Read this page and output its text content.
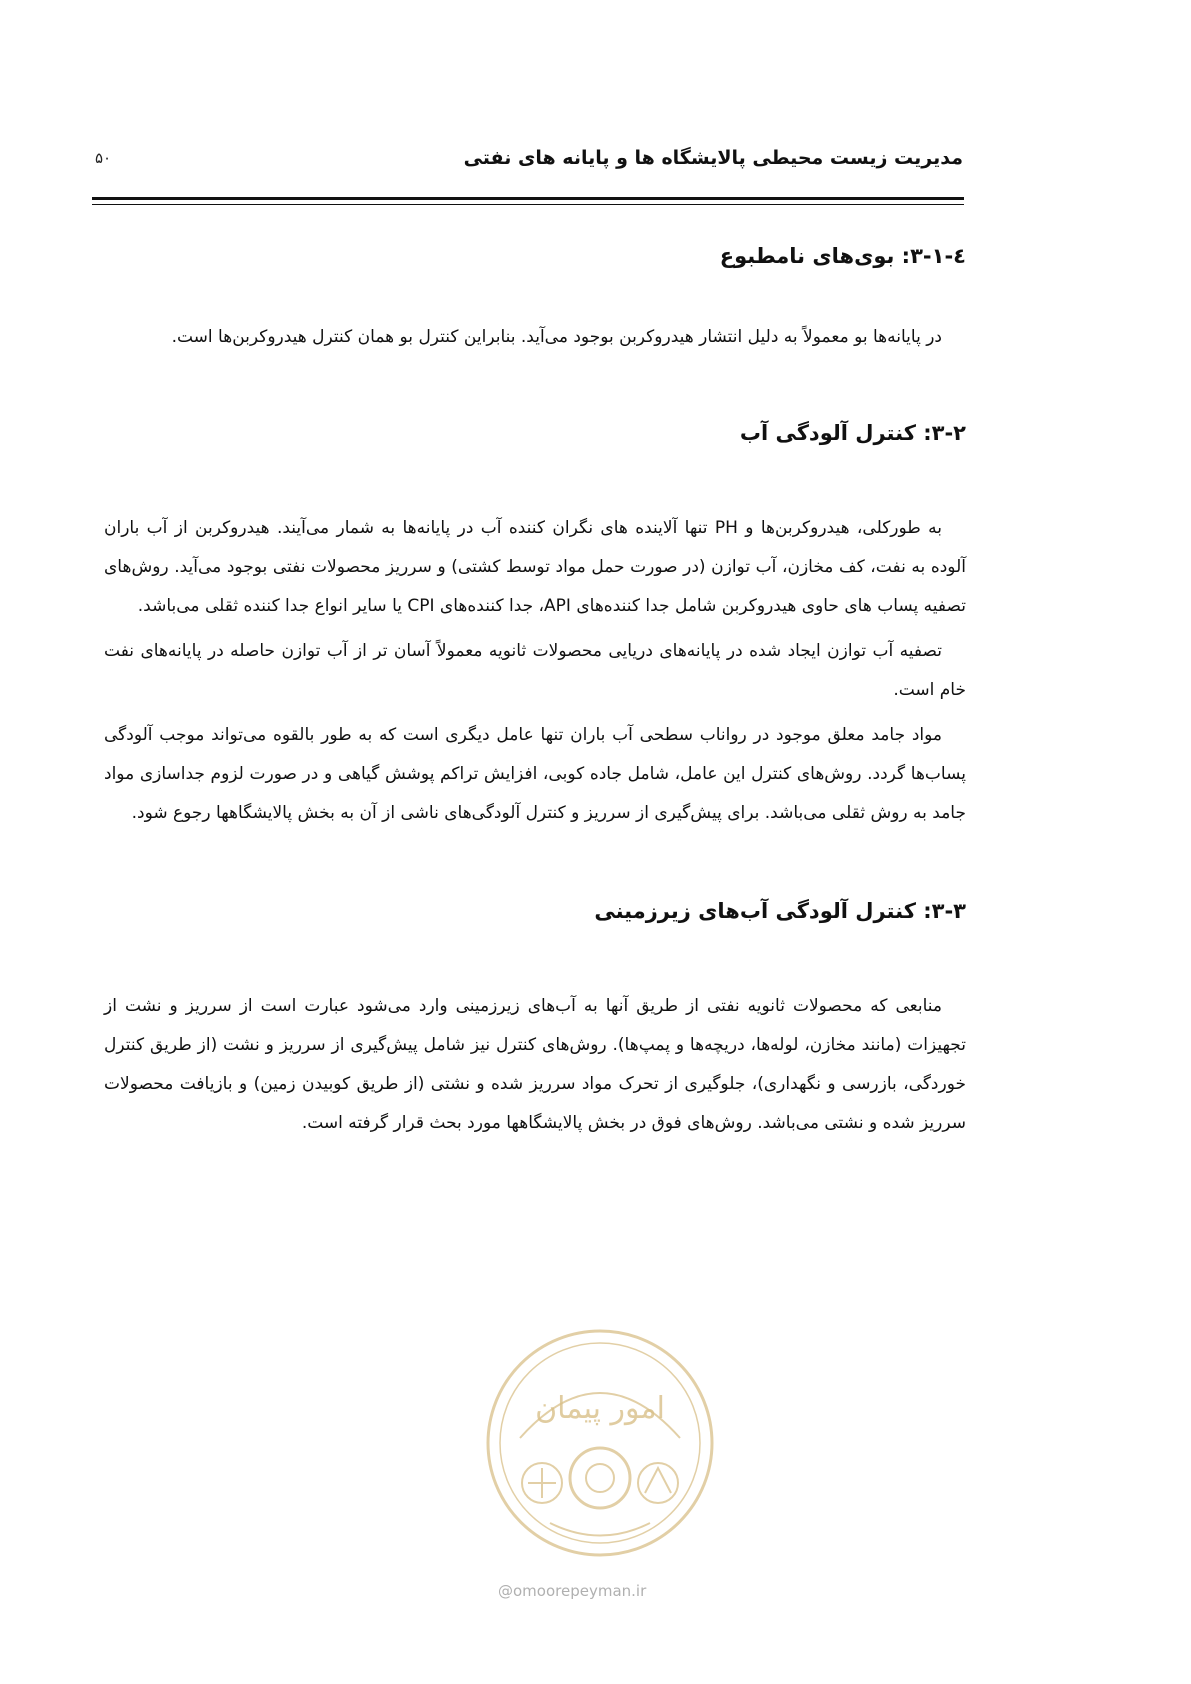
۵۰	مدیریت زیست محیطی پالایشگاه ها و پایانه های نفتی
٤-١-٣: بوی‌های نامطبوع

در پایانه‌ها بو معمولاً به دلیل انتشار هیدروکربن بوجود می‌آید. بنابراین کنترل بو همان کنترل هیدروکربن‌ها است.

٢-٣: کنترل آلودگی آب

به طورکلی، هیدروکربن‌ها و PH تنها آلاینده های نگران کننده آب در پایانه‌ها به شمار می‌آیند. هیدروکربن از آب باران آلوده به نفت، کف مخازن، آب توازن (در صورت حمل مواد توسط کشتی) و سرریز محصولات نفتی بوجود می‌آید. روش‌های تصفیه پساب های حاوی هیدروکربن شامل جدا کننده‌های API، جدا کننده‌های CPI یا سایر انواع جدا کننده ثقلی می‌باشد.

تصفیه آب توازن ایجاد شده در پایانه‌های دریایی محصولات ثانویه معمولاً آسان تر از آب توازن حاصله در پایانه‌های نفت خام است.

مواد جامد معلق موجود در رواناب سطحی آب باران تنها عامل دیگری است که به طور بالقوه می‌تواند موجب آلودگی پساب‌ها گردد. روش‌های کنترل این عامل، شامل جاده کوبی، افزایش تراکم پوشش گیاهی و در صورت لزوم جداسازی مواد جامد به روش ثقلی می‌باشد. برای پیش‌گیری از سرریز و کنترل آلودگی‌های ناشی از آن به بخش پالایشگاهها رجوع شود.

٣-٣: کنترل آلودگی آب‌های زیرزمینی

منابعی که محصولات ثانویه نفتی از طریق آنها به آب‌های زیرزمینی وارد می‌شود عبارت است از سرریز و نشت از تجهیزات (مانند مخازن، لوله‌ها، دریچه‌ها و پمپ‌ها). روش‌های کنترل نیز شامل پیش‌گیری از سرریز و نشت (از طریق کنترل خوردگی، بازرسی و نگهداری)، جلوگیری از تحرک مواد سرریز شده و نشتی (از طریق کوبیدن زمین) و بازیافت محصولات سرریز شده و نشتی می‌باشد. روش‌های فوق در بخش پالایشگاهها مورد بحث قرار گرفته است.

امور پیمان
@omoorepeyman.ir
